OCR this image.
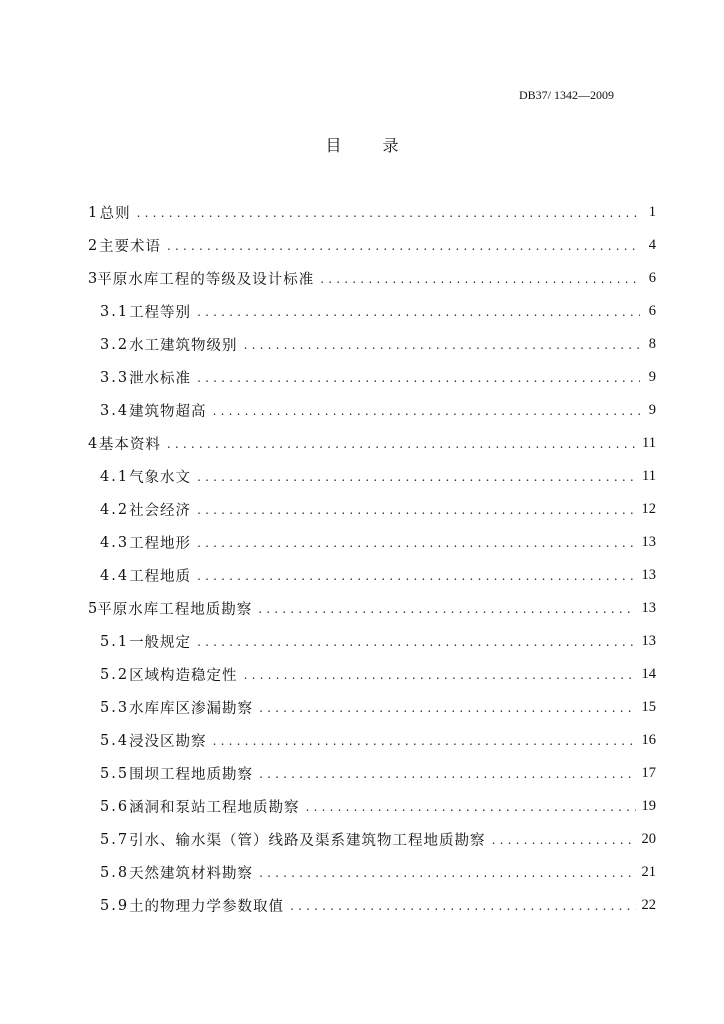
DB37/ 1342—2009
目 录
1 总则 .....	1
2 主要术语 .....	4
3 平原水库工程的等级及设计标准 .....	6
3.1 工程等别 .....	6
3.2 水工建筑物级别 .....	8
3.3 泄水标准 .....	9
3.4 建筑物超高 .....	9
4 基本资料 .....	11
4.1 气象水文 .....	11
4.2 社会经济 .....	12
4.3 工程地形 .....	13
4.4 工程地质 .....	13
5 平原水库工程地质勘察 .....	13
5.1 一般规定 .....	13
5.2 区域构造稳定性 .....	14
5.3 水库库区渗漏勘察 .....	15
5.4 浸没区勘察 .....	16
5.5 围坝工程地质勘察 .....	17
5.6 涵洞和泵站工程地质勘察 .....	19
5.7 引水、输水渠（管）线路及渠系建筑物工程地质勘察 .....	20
5.8 天然建筑材料勘察 .....	21
5.9 土的物理力学参数取值 .....	22
